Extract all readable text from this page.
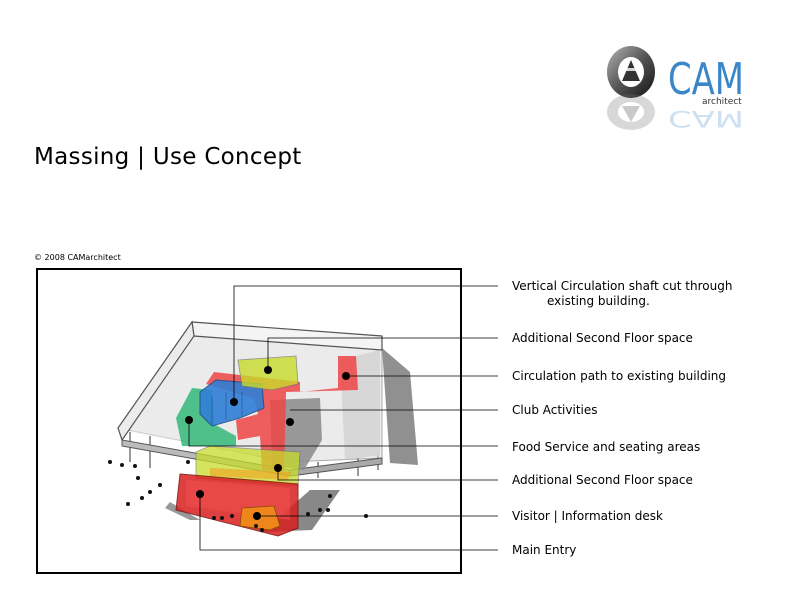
CAM
architect
CAM
Massing | Use Concept
© 2008 CAMarchitect
Vertical Circulation shaft cut through
existing building.
Additional Second Floor space
Circulation path to existing building
Club Activities
Food Service and seating areas
Additional Second Floor space
Visitor | Information desk
Main Entry
